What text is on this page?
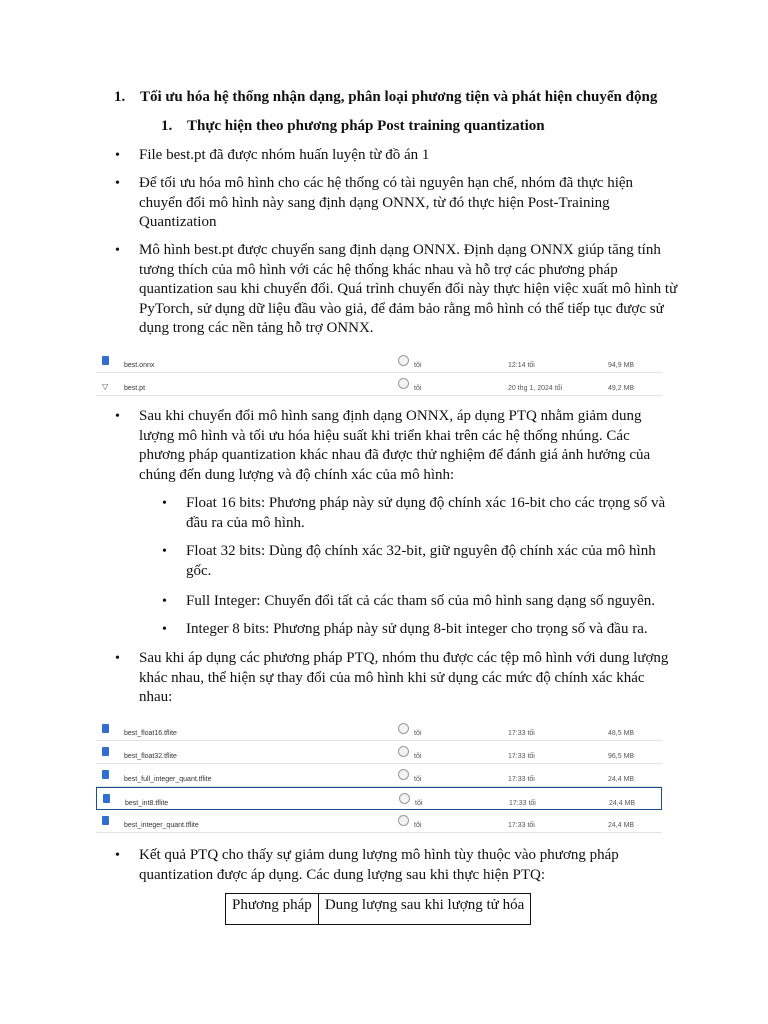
1. Tối ưu hóa hệ thống nhận dạng, phân loại phương tiện và phát hiện chuyển động
1. Thực hiện theo phương pháp Post training quantization
• File best.pt đã được nhóm huấn luyện từ đồ án 1
• Để tối ưu hóa mô hình cho các hệ thống có tài nguyên hạn chế, nhóm đã thực hiện chuyển đổi mô hình này sang định dạng ONNX, từ đó thực hiện Post-Training Quantization
• Mô hình best.pt được chuyển sang định dạng ONNX. Định dạng ONNX giúp tăng tính tương thích của mô hình với các hệ thống khác nhau và hỗ trợ các phương pháp quantization sau khi chuyển đổi. Quá trình chuyển đổi này thực hiện việc xuất mô hình từ PyTorch, sử dụng dữ liệu đầu vào giả, để đảm bảo rằng mô hình có thể tiếp tục được sử dụng trong các nền tảng hỗ trợ ONNX.
best.onnx	tôi	12:14 tối	94,9 MB
▽ best.pt	tôi	20 thg 1, 2024 tối	49,2 MB
• Sau khi chuyển đổi mô hình sang định dạng ONNX, áp dụng PTQ nhằm giảm dung lượng mô hình và tối ưu hóa hiệu suất khi triển khai trên các hệ thống nhúng. Các phương pháp quantization khác nhau đã được thử nghiệm để đánh giá ảnh hưởng của chúng đến dung lượng và độ chính xác của mô hình:
• Float 16 bits: Phương pháp này sử dụng độ chính xác 16-bit cho các trọng số và đầu ra của mô hình.
• Float 32 bits: Dùng độ chính xác 32-bit, giữ nguyên độ chính xác của mô hình gốc.
• Full Integer: Chuyển đổi tất cả các tham số của mô hình sang dạng số nguyên.
• Integer 8 bits: Phương pháp này sử dụng 8-bit integer cho trọng số và đầu ra.
• Sau khi áp dụng các phương pháp PTQ, nhóm thu được các tệp mô hình với dung lượng khác nhau, thể hiện sự thay đổi của mô hình khi sử dụng các mức độ chính xác khác nhau:
best_float16.tflite	tôi	17:33 tối	48,5 MB
best_float32.tflite	tôi	17:33 tối	96,5 MB
best_full_integer_quant.tflite	tôi	17:33 tối	24,4 MB
best_int8.tflite	tôi	17:33 tối	24,4 MB
best_integer_quant.tflite	tôi	17:33 tối	24,4 MB
• Kết quả PTQ cho thấy sự giảm dung lượng mô hình tùy thuộc vào phương pháp quantization được áp dụng. Các dung lượng sau khi thực hiện PTQ:
Phương pháp	Dung lượng sau khi lượng tử hóa
